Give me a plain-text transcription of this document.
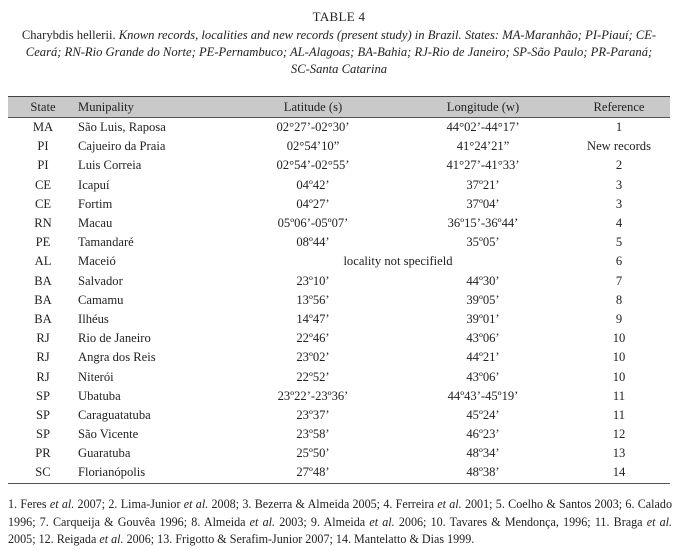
TABLE 4
Charybdis hellerii. Known records, localities and new records (present study) in Brazil. States: MA-Maranhão; PI-Piauí; CE-Ceará; RN-Rio Grande do Norte; PE-Pernambuco; AL-Alagoas; BA-Bahia; RJ-Rio de Janeiro; SP-São Paulo; PR-Paraná; SC-Santa Catarina
State	Munipality	Latitude (s)	Longitude (w)	Reference
MA	São Luis, Raposa	02°27’-02°30’	44°02’-44°17’	1
PI	Cajueiro da Praia	02°54’10”	41°24’21”	New records
PI	Luis Correia	02°54’-02°55’	41°27’-41°33’	2
CE	Icapuí	04º42’	37º21’	3
CE	Fortim	04º27’	37º04’	3
RN	Macau	05º06’-05º07’	36º15’-36º44’	4
PE	Tamandaré	08º44’	35º05’	5
AL	Maceió	locality not specifield		6
BA	Salvador	23º10’	44º30’	7
BA	Camamu	13º56’	39º05’	8
BA	Ilhéus	14º47’	39º01’	9
RJ	Rio de Janeiro	22º46’	43º06’	10
RJ	Angra dos Reis	23º02’	44º21’	10
RJ	Niterói	22º52’	43º06’	10
SP	Ubatuba	23º22’-23º36’	44º43’-45º19’	11
SP	Caraguatatuba	23º37’	45º24’	11
SP	São Vicente	23º58’	46º23’	12
PR	Guaratuba	25º50’	48º34’	13
SC	Florianópolis	27º48’	48º38’	14
1. Feres et al. 2007; 2. Lima-Junior et al. 2008; 3. Bezerra & Almeida 2005; 4. Ferreira et al. 2001; 5. Coelho & Santos 2003; 6. Calado 1996; 7. Carqueija & Gouvêa 1996; 8. Almeida et al. 2003; 9. Almeida et al. 2006; 10. Tavares & Mendonça, 1996; 11. Braga et al. 2005; 12. Reigada et al. 2006; 13. Frigotto & Serafim-Junior 2007; 14. Mantelatto & Dias 1999.
